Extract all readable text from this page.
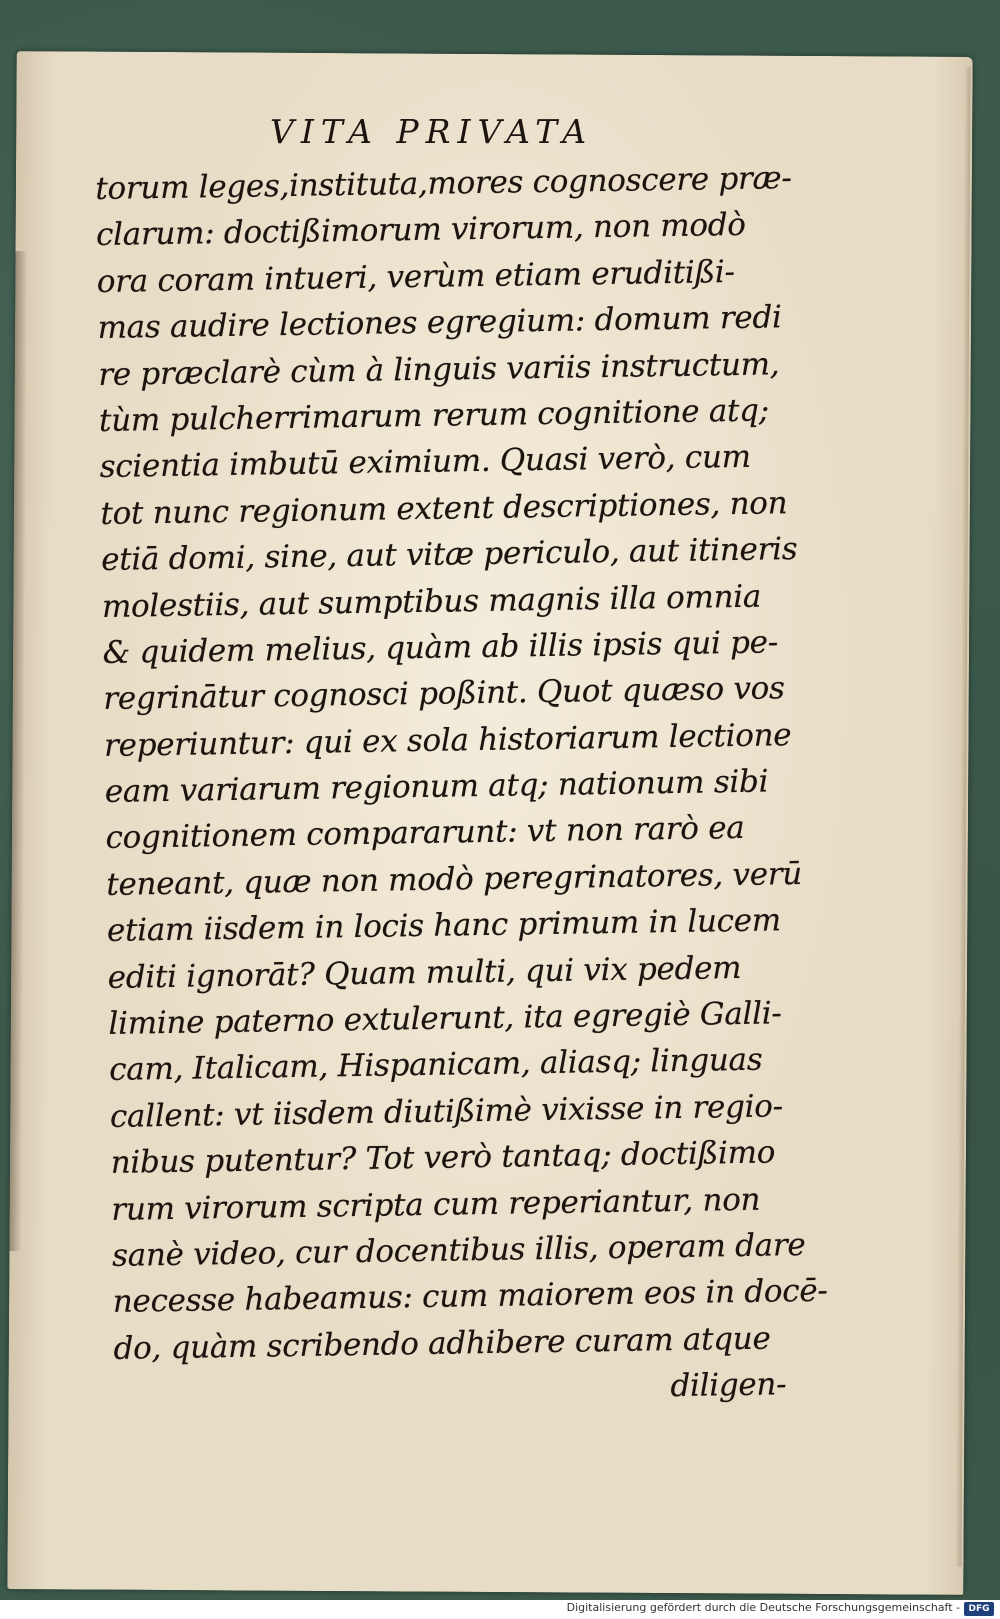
VITA PRIVATA
torum leges,instituta,mores cognoscere præ-
clarum: doctißimorum virorum, non modò
ora coram intueri, verùm etiam eruditißi-
mas audire lectiones egregium: domum redi
re præclarè cùm à linguis variis instructum,
tùm pulcherrimarum rerum cognitione atq;
scientia imbutū eximium. Quasi verò, cum
tot nunc regionum extent descriptiones, non
etiā domi, sine, aut vitæ periculo, aut itineris
molestiis, aut sumptibus magnis illa omnia
& quidem melius, quàm ab illis ipsis qui pe-
regrinātur cognosci poßint. Quot quæso vos
reperiuntur: qui ex sola historiarum lectione
eam variarum regionum atq; nationum sibi
cognitionem compararunt: vt non rarò ea
teneant, quæ non modò peregrinatores, verū
etiam iisdem in locis hanc primum in lucem
editi ignorāt? Quam multi, qui vix pedem
limine paterno extulerunt, ita egregiè Galli-
cam, Italicam, Hispanicam, aliasq; linguas
callent: vt iisdem diutißimè vixisse in regio-
nibus putentur? Tot verò tantaq; doctißimo
rum virorum scripta cum reperiantur, non
sanè video, cur docentibus illis, operam dare
necesse habeamus: cum maiorem eos in docē-
do, quàm scribendo adhibere curam atque
diligen-
Digitalisierung gefördert durch die Deutsche Forschungsgemeinschaft - DFG
